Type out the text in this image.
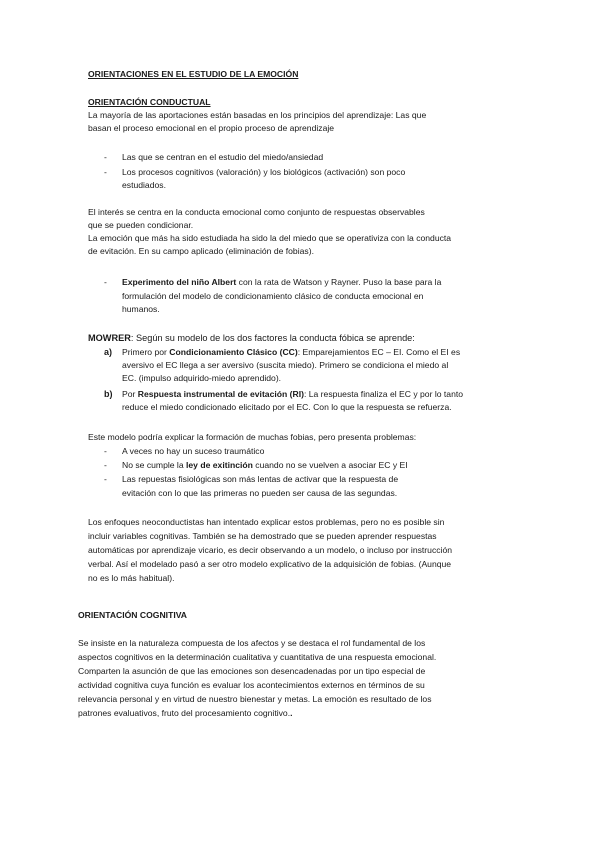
ORIENTACIONES EN EL ESTUDIO DE LA EMOCIÓN
ORIENTACIÓN CONDUCTUAL
La mayoría de las aportaciones están basadas en los principios del aprendizaje: Las que
basan el proceso emocional en el propio proceso de aprendizaje
- Las que se centran en el estudio del miedo/ansiedad
- Los procesos cognitivos (valoración) y los biológicos (activación) son poco
estudiados.
El interés se centra en la conducta emocional como conjunto de respuestas observables
que se pueden condicionar.
La emoción que más ha sido estudiada ha sido la del miedo que se operativiza con la conducta
de evitación. En su campo aplicado (eliminación de fobias).
- Experimento del niño Albert con la rata de Watson y Rayner. Puso la base para la
formulación del modelo de condicionamiento clásico de conducta emocional en
humanos.
MOWRER: Según su modelo de los dos factores la conducta fóbica se aprende:
a) Primero por Condicionamiento Clásico (CC): Emparejamientos EC – EI. Como el EI es
aversivo el EC llega a ser aversivo (suscita miedo). Primero se condiciona el miedo al
EC. (impulso adquirido-miedo aprendido).
b) Por Respuesta instrumental de evitación (RI): La respuesta finaliza el EC y por lo tanto
reduce el miedo condicionado elicitado por el EC. Con lo que la respuesta se refuerza.
Este modelo podría explicar la formación de muchas fobias, pero presenta problemas:
- A veces no hay un suceso traumático
- No se cumple la ley de exitinción cuando no se vuelven a asociar EC y EI
- Las repuestas fisiológicas son más lentas de activar que la respuesta de
evitación con lo que las primeras no pueden ser causa de las segundas.
Los enfoques neoconductistas han intentado explicar estos problemas, pero no es posible sin
incluir variables cognitivas. También se ha demostrado que se pueden aprender respuestas
automáticas por aprendizaje vicario, es decir observando a un modelo, o incluso por instrucción
verbal. Así el modelado pasó a ser otro modelo explicativo de la adquisición de fobias. (Aunque
no es lo más habitual).
ORIENTACIÓN COGNITIVA
Se insiste en la naturaleza compuesta de los afectos y se destaca el rol fundamental de los
aspectos cognitivos en la determinación cualitativa y cuantitativa de una respuesta emocional.
Comparten la asunción de que las emociones son desencadenadas por un tipo especial de
actividad cognitiva cuya función es evaluar los acontecimientos externos en términos de su
relevancia personal y en virtud de nuestro bienestar y metas. La emoción es resultado de los
patrones evaluativos, fruto del procesamiento cognitivo..
